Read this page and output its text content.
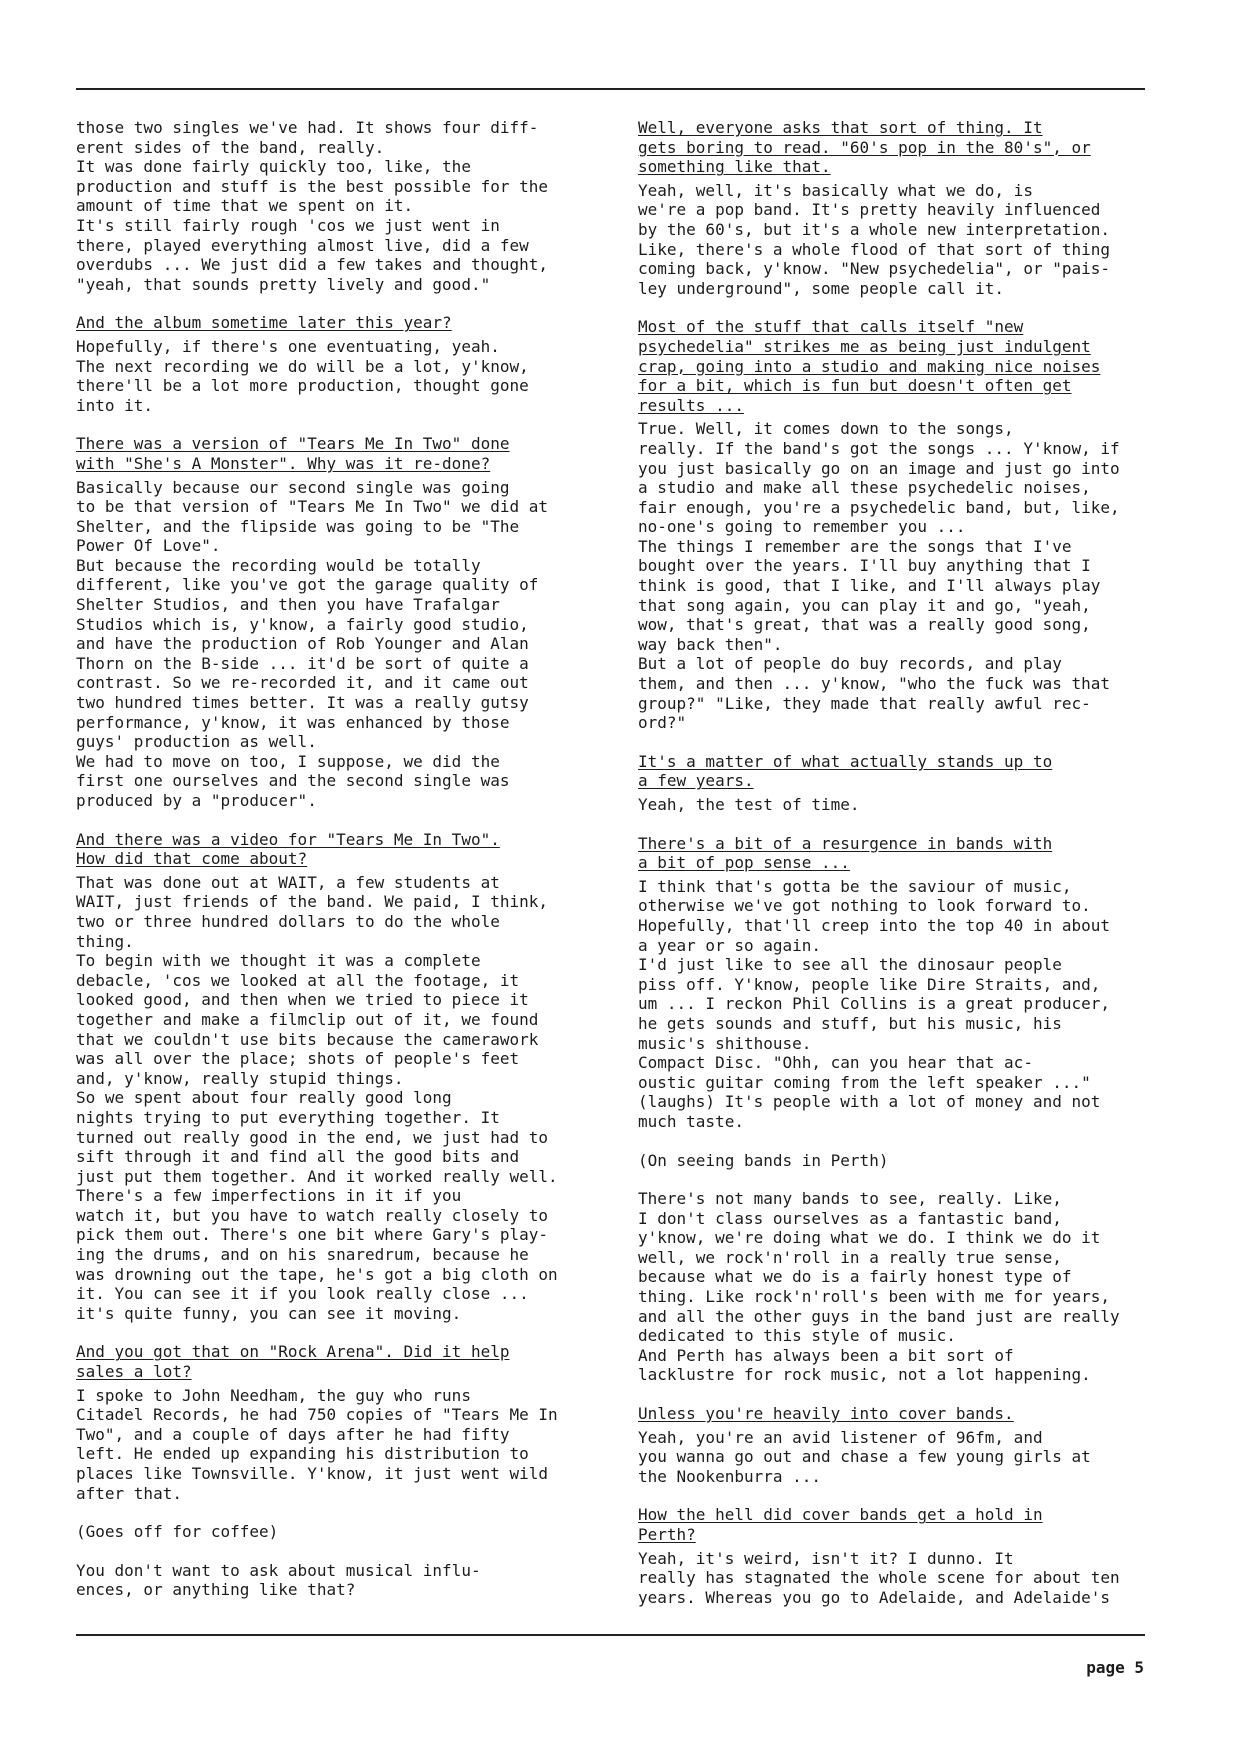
those two singles we've had. It shows four diff-
erent sides of the band, really.
It was done fairly quickly too, like, the
production and stuff is the best possible for the
amount of time that we spent on it.
It's still fairly rough 'cos we just went in
there, played everything almost live, did a few
overdubs ... We just did a few takes and thought,
"yeah, that sounds pretty lively and good."

And the album sometime later this year?

Hopefully, if there's one eventuating, yeah.
The next recording we do will be a lot, y'know,
there'll be a lot more production, thought gone
into it.

There was a version of "Tears Me In Two" done
with "She's A Monster". Why was it re-done?

Basically because our second single was going
to be that version of "Tears Me In Two" we did at
Shelter, and the flipside was going to be "The
Power Of Love".
But because the recording would be totally
different, like you've got the garage quality of
Shelter Studios, and then you have Trafalgar
Studios which is, y'know, a fairly good studio,
and have the production of Rob Younger and Alan
Thorn on the B-side ... it'd be sort of quite a
contrast. So we re-recorded it, and it came out
two hundred times better. It was a really gutsy
performance, y'know, it was enhanced by those
guys' production as well.
We had to move on too, I suppose, we did the
first one ourselves and the second single was
produced by a "producer".

And there was a video for "Tears Me In Two".
How did that come about?

That was done out at WAIT, a few students at
WAIT, just friends of the band. We paid, I think,
two or three hundred dollars to do the whole
thing.
To begin with we thought it was a complete
debacle, 'cos we looked at all the footage, it
looked good, and then when we tried to piece it
together and make a filmclip out of it, we found
that we couldn't use bits because the camerawork
was all over the place; shots of people's feet
and, y'know, really stupid things.
So we spent about four really good long
nights trying to put everything together. It
turned out really good in the end, we just had to
sift through it and find all the good bits and
just put them together. And it worked really well.
There's a few imperfections in it if you
watch it, but you have to watch really closely to
pick them out. There's one bit where Gary's play-
ing the drums, and on his snaredrum, because he
was drowning out the tape, he's got a big cloth on
it. You can see it if you look really close ...
it's quite funny, you can see it moving.

And you got that on "Rock Arena". Did it help
sales a lot?

I spoke to John Needham, the guy who runs
Citadel Records, he had 750 copies of "Tears Me In
Two", and a couple of days after he had fifty
left. He ended up expanding his distribution to
places like Townsville. Y'know, it just went wild
after that.

(Goes off for coffee)

You don't want to ask about musical influ-
ences, or anything like that?

Well, everyone asks that sort of thing. It
gets boring to read. "60's pop in the 80's", or
something like that.

Yeah, well, it's basically what we do, is
we're a pop band. It's pretty heavily influenced
by the 60's, but it's a whole new interpretation.
Like, there's a whole flood of that sort of thing
coming back, y'know. "New psychedelia", or "pais-
ley underground", some people call it.

Most of the stuff that calls itself "new
psychedelia" strikes me as being just indulgent
crap, going into a studio and making nice noises
for a bit, which is fun but doesn't often get
results ...

True. Well, it comes down to the songs,
really. If the band's got the songs ... Y'know, if
you just basically go on an image and just go into
a studio and make all these psychedelic noises,
fair enough, you're a psychedelic band, but, like,
no-one's going to remember you ...
The things I remember are the songs that I've
bought over the years. I'll buy anything that I
think is good, that I like, and I'll always play
that song again, you can play it and go, "yeah,
wow, that's great, that was a really good song,
way back then".
But a lot of people do buy records, and play
them, and then ... y'know, "who the fuck was that
group?" "Like, they made that really awful rec-
ord?"

It's a matter of what actually stands up to
a few years.

Yeah, the test of time.

There's a bit of a resurgence in bands with
a bit of pop sense ...

I think that's gotta be the saviour of music,
otherwise we've got nothing to look forward to.
Hopefully, that'll creep into the top 40 in about
a year or so again.
I'd just like to see all the dinosaur people
piss off. Y'know, people like Dire Straits, and,
um ... I reckon Phil Collins is a great producer,
he gets sounds and stuff, but his music, his
music's shithouse.
Compact Disc. "Ohh, can you hear that ac-
oustic guitar coming from the left speaker ..."
(laughs) It's people with a lot of money and not
much taste.

(On seeing bands in Perth)

There's not many bands to see, really. Like,
I don't class ourselves as a fantastic band,
y'know, we're doing what we do. I think we do it
well, we rock'n'roll in a really true sense,
because what we do is a fairly honest type of
thing. Like rock'n'roll's been with me for years,
and all the other guys in the band just are really
dedicated to this style of music.
And Perth has always been a bit sort of
lacklustre for rock music, not a lot happening.

Unless you're heavily into cover bands.

Yeah, you're an avid listener of 96fm, and
you wanna go out and chase a few young girls at
the Nookenburra ...

How the hell did cover bands get a hold in
Perth?

Yeah, it's weird, isn't it? I dunno. It
really has stagnated the whole scene for about ten
years. Whereas you go to Adelaide, and Adelaide's

page 5
